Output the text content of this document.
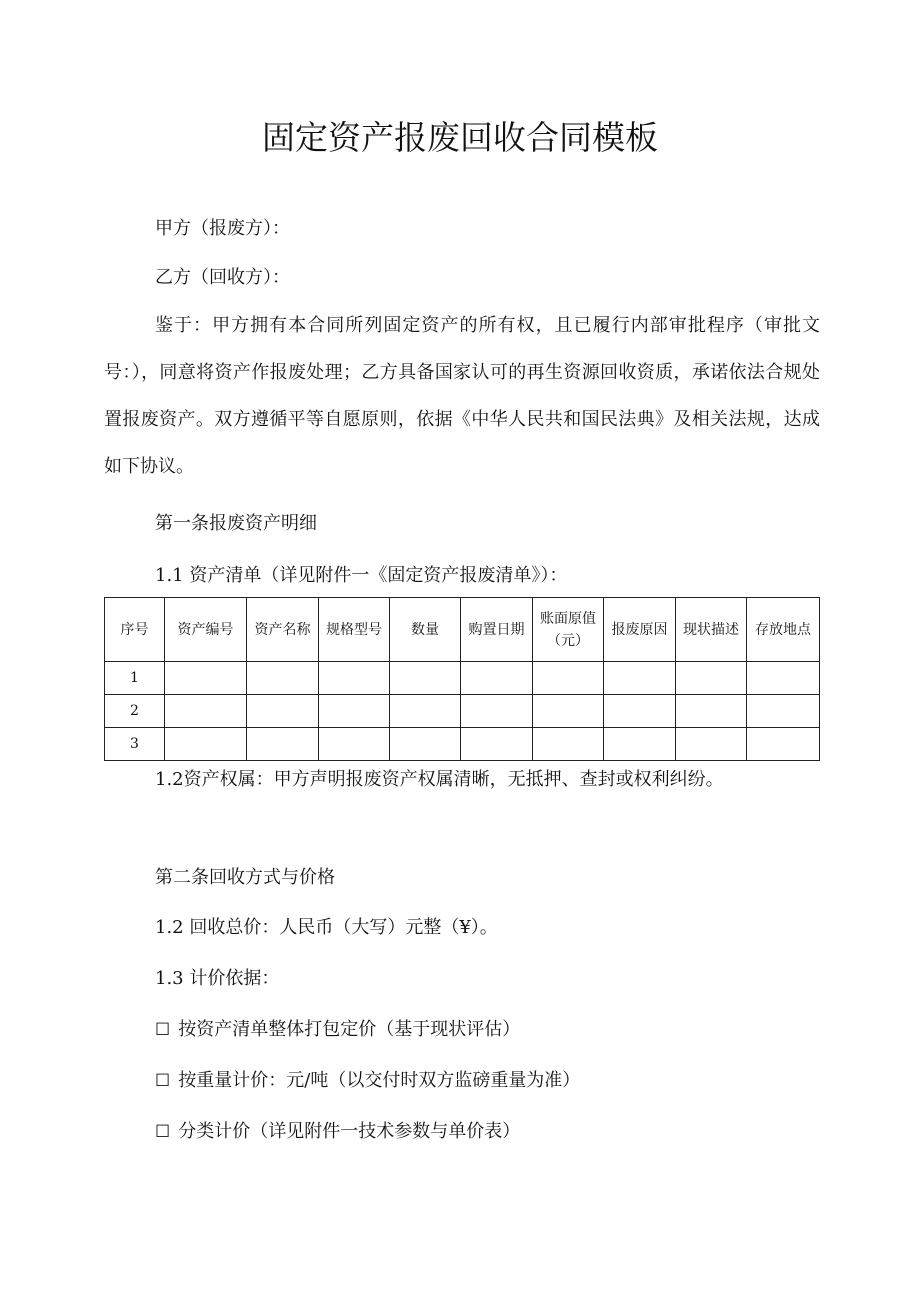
固定资产报废回收合同模板

甲方（报废方）：

乙方（回收方）：

鉴于：甲方拥有本合同所列固定资产的所有权，且已履行内部审批程序（审批文号：），同意将资产作报废处理；乙方具备国家认可的再生资源回收资质，承诺依法合规处置报废资产。双方遵循平等自愿原则，依据《中华人民共和国民法典》及相关法规，达成如下协议。

第一条报废资产明细

1.1 资产清单（详见附件一《固定资产报废清单》）：

序号	资产编号	资产名称	规格型号	数量	购置日期	账面原值（元）	报废原因	现状描述	存放地点
1									
2									
3									

1.2资产权属：甲方声明报废资产权属清晰，无抵押、查封或权利纠纷。

第二条回收方式与价格

1.2 回收总价：人民币（大写）元整（¥）。

1.3 计价依据：

☐ 按资产清单整体打包定价（基于现状评估）

☐ 按重量计价：元/吨（以交付时双方监磅重量为准）

☐ 分类计价（详见附件一技术参数与单价表）
